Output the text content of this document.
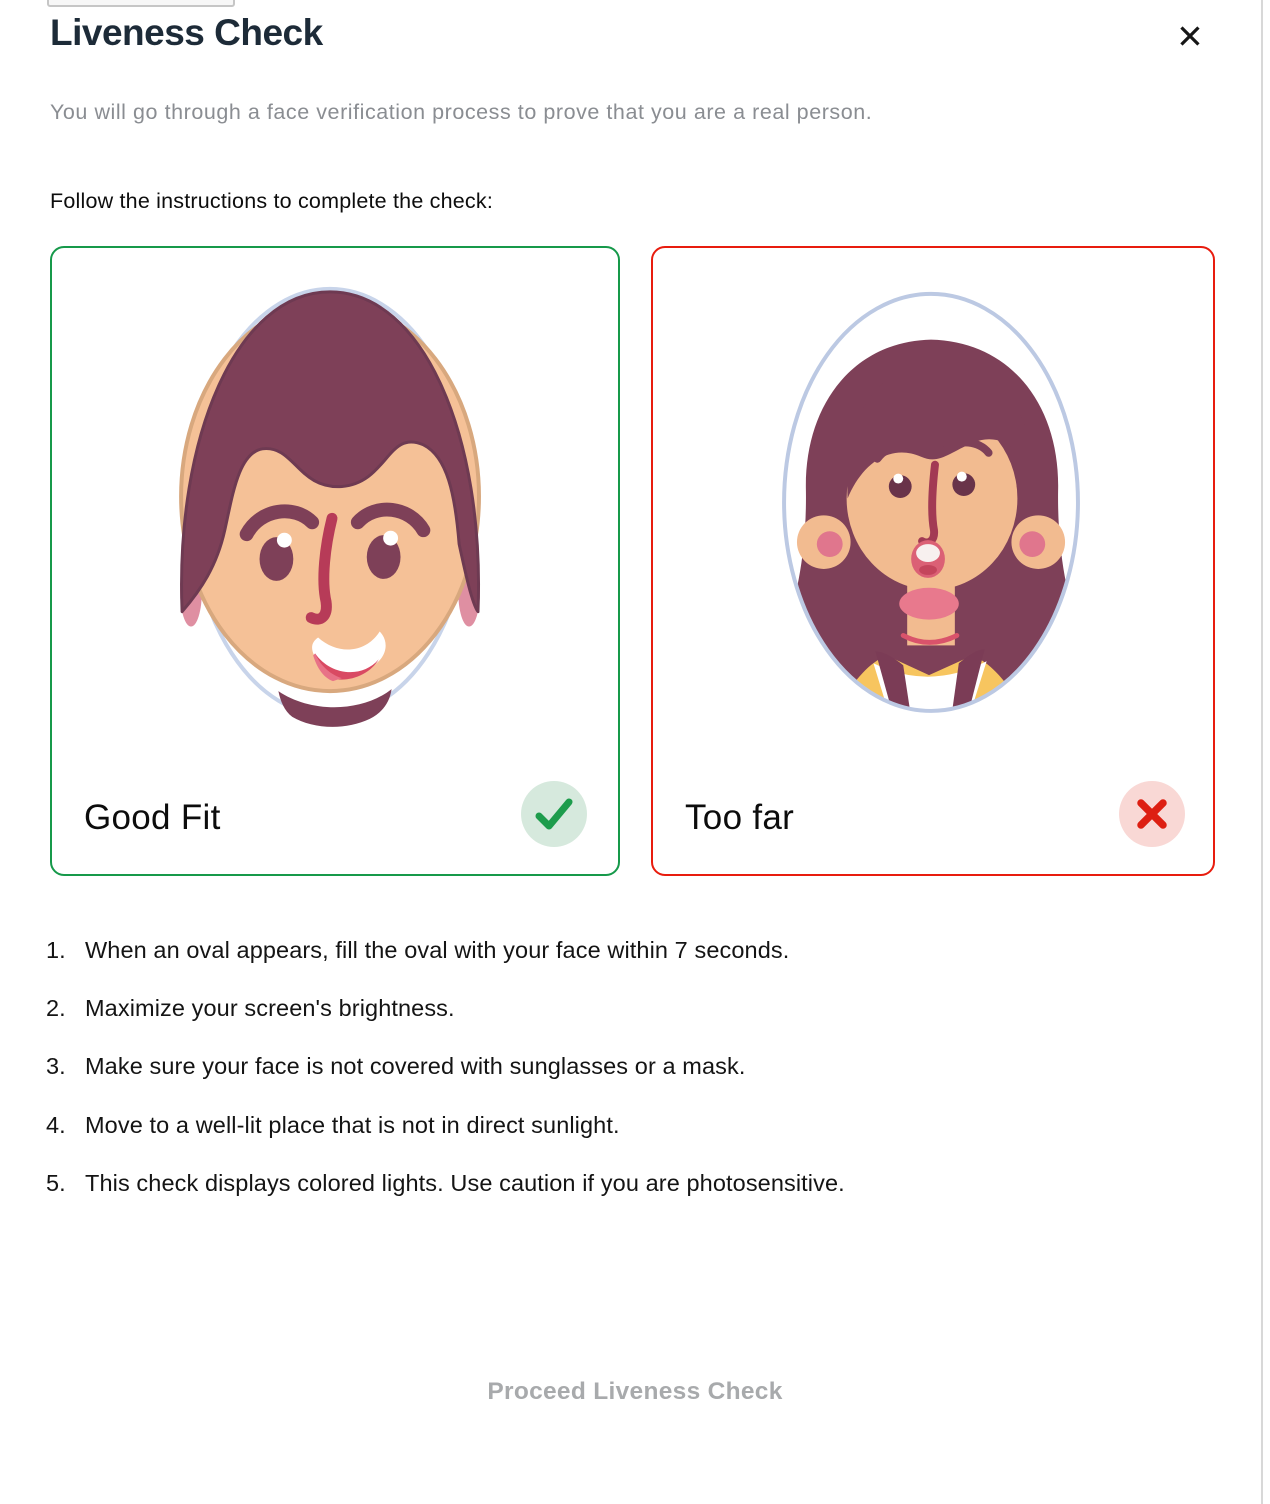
Liveness Check	✕
You will go through a face verification process to prove that you are a real person.
Follow the instructions to complete the check:
Good Fit	Too far
1. When an oval appears, fill the oval with your face within 7 seconds.
2. Maximize your screen's brightness.
3. Make sure your face is not covered with sunglasses or a mask.
4. Move to a well-lit place that is not in direct sunlight.
5. This check displays colored lights. Use caution if you are photosensitive.
Proceed Liveness Check
